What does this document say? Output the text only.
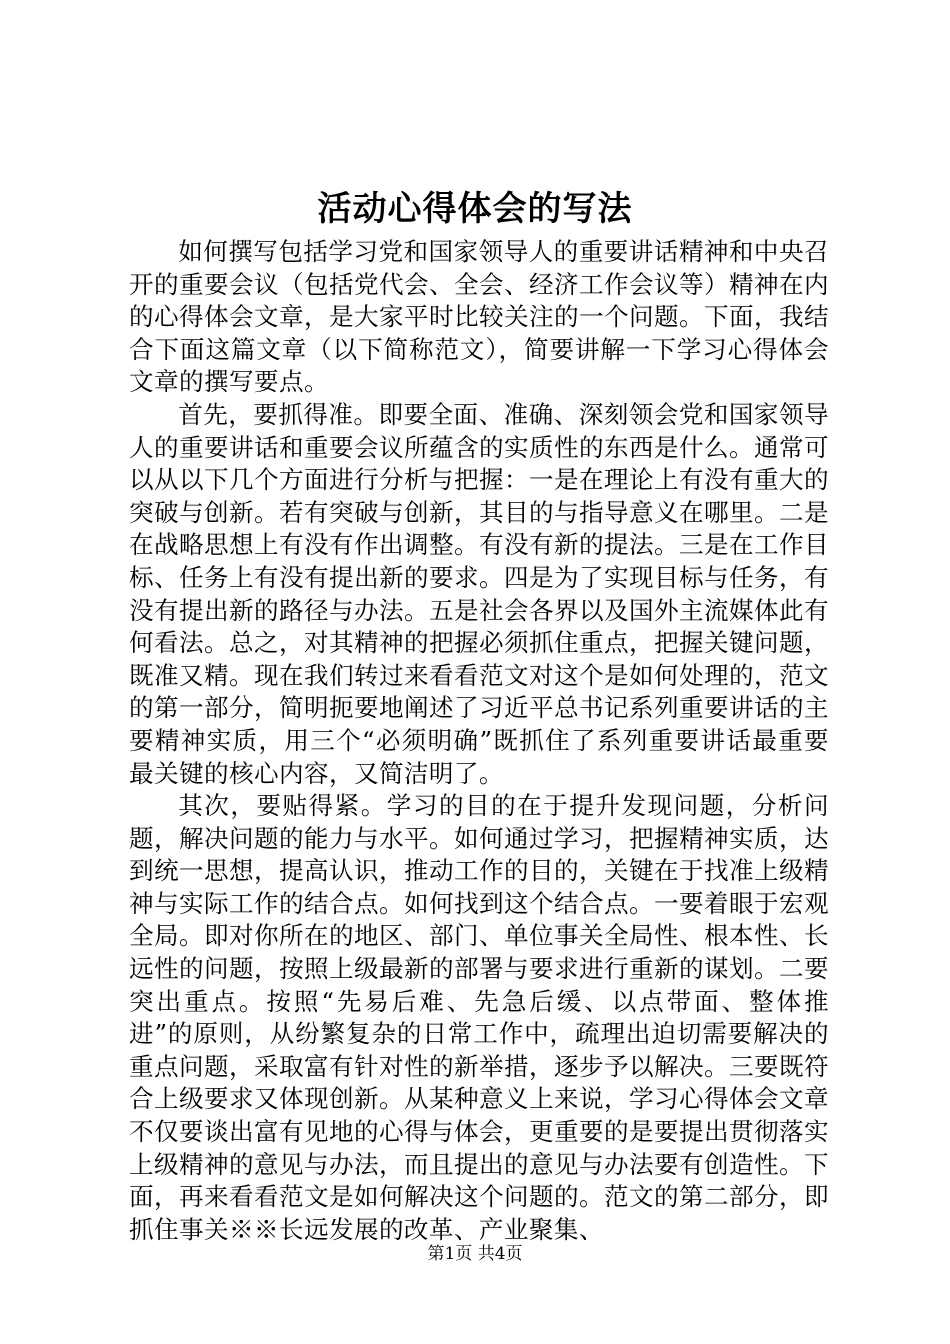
活动心得体会的写法

如何撰写包括学习党和国家领导人的重要讲话精神和中央召开的重要会议（包括党代会、全会、经济工作会议等）精神在内的心得体会文章，是大家平时比较关注的一个问题。下面，我结合下面这篇文章（以下简称范文），简要讲解一下学习心得体会文章的撰写要点。

首先，要抓得准。即要全面、准确、深刻领会党和国家领导人的重要讲话和重要会议所蕴含的实质性的东西是什么。通常可以从以下几个方面进行分析与把握：一是在理论上有没有重大的突破与创新。若有突破与创新，其目的与指导意义在哪里。二是在战略思想上有没有作出调整。有没有新的提法。三是在工作目标、任务上有没有提出新的要求。四是为了实现目标与任务，有没有提出新的路径与办法。五是社会各界以及国外主流媒体此有何看法。总之，对其精神的把握必须抓住重点，把握关键问题，既准又精。现在我们转过来看看范文对这个是如何处理的，范文的第一部分，简明扼要地阐述了习近平总书记系列重要讲话的主要精神实质，用三个“必须明确”既抓住了系列重要讲话最重要最关键的核心内容，又简洁明了。

其次，要贴得紧。学习的目的在于提升发现问题，分析问题，解决问题的能力与水平。如何通过学习，把握精神实质，达到统一思想，提高认识，推动工作的目的，关键在于找准上级精神与实际工作的结合点。如何找到这个结合点。一要着眼于宏观全局。即对你所在的地区、部门、单位事关全局性、根本性、长远性的问题，按照上级最新的部署与要求进行重新的谋划。二要突出重点。按照“先易后难、先急后缓、以点带面、整体推进”的原则，从纷繁复杂的日常工作中，疏理出迫切需要解决的重点问题，采取富有针对性的新举措，逐步予以解决。三要既符合上级要求又体现创新。从某种意义上来说，学习心得体会文章不仅要谈出富有见地的心得与体会，更重要的是要提出贯彻落实上级精神的意见与办法，而且提出的意见与办法要有创造性。下面，再来看看范文是如何解决这个问题的。范文的第二部分，即抓住事关※※长远发展的改革、产业聚集、

第1页 共4页
